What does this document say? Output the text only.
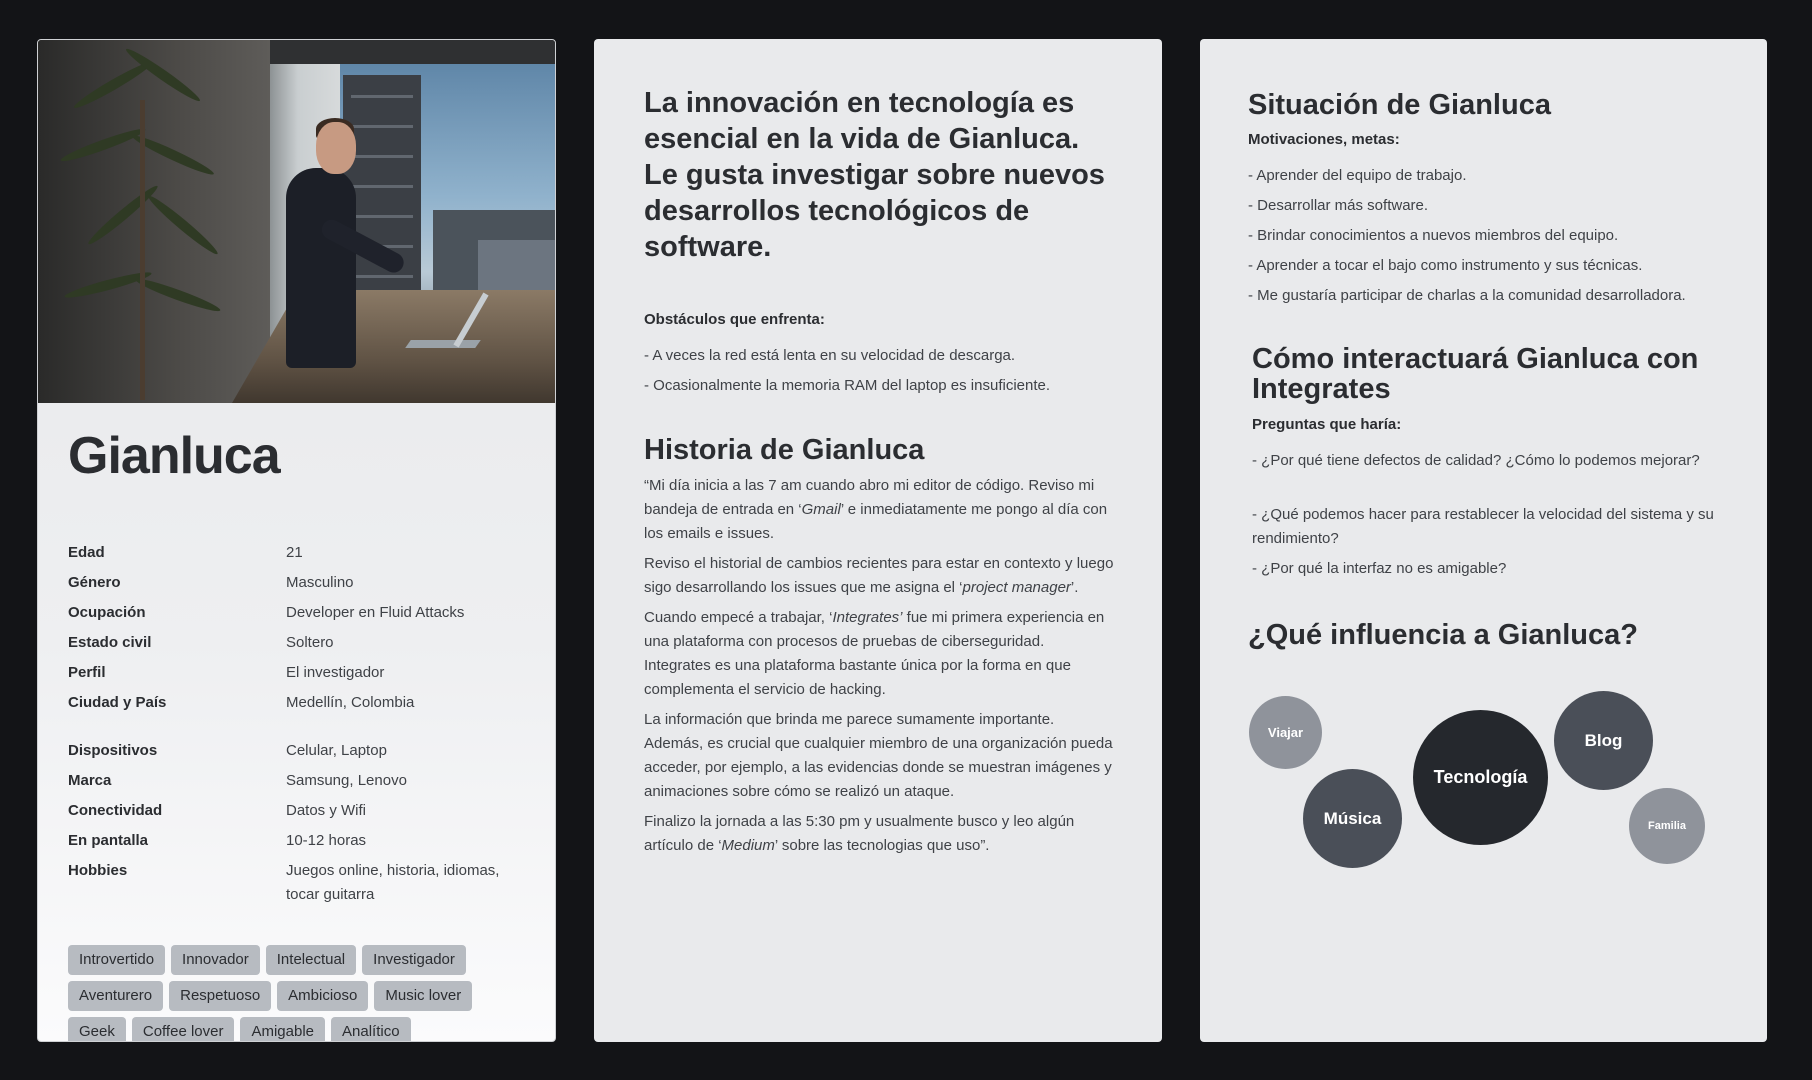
Gianluca
Edad	21
Género	Masculino
Ocupación	Developer en Fluid Attacks
Estado civil	Soltero
Perfil	El investigador
Ciudad y País	Medellín, Colombia
Dispositivos	Celular, Laptop
Marca	Samsung, Lenovo
Conectividad	Datos y Wifi
En pantalla	10-12 horas
Hobbies	Juegos online, historia, idiomas, tocar guitarra
Introvertido	Innovador	Intelectual	Investigador
Aventurero	Respetuoso	Ambicioso	Music lover
Geek	Coffee lover	Amigable	Analítico
La innovación en tecnología es esencial en la vida de Gianluca. Le gusta investigar sobre nuevos desarrollos tecnológicos de software.
Obstáculos que enfrenta:
- A veces la red está lenta en su velocidad de descarga.
- Ocasionalmente la memoria RAM del laptop es insuficiente.
Historia de Gianluca

“Mi día inicia a las 7 am cuando abro mi editor de código. Reviso mi bandeja de entrada en ‘Gmail’ e inmediatamente me pongo al día con los emails e issues.

Reviso el historial de cambios recientes para estar en contexto y luego sigo desarrollando los issues que me asigna el ‘project manager’.

Cuando empecé a trabajar, ‘Integrates’ fue mi primera experiencia en una plataforma con procesos de pruebas de ciberseguridad. Integrates es una plataforma bastante única por la forma en que complementa el servicio de hacking.

La información que brinda me parece sumamente importante. Además, es crucial que cualquier miembro de una organización pueda acceder, por ejemplo, a las evidencias donde se muestran imágenes y animaciones sobre cómo se realizó un ataque.

Finalizo la jornada a las 5:30 pm y usualmente busco y leo algún artículo de ‘Medium’ sobre las tecnologias que uso”.

Situación de Gianluca
Motivaciones, metas:
- Aprender del equipo de trabajo.
- Desarrollar más software.
- Brindar conocimientos a nuevos miembros del equipo.
- Aprender a tocar el bajo como instrumento y sus técnicas.
- Me gustaría participar de charlas a la comunidad desarrolladora.
Cómo interactuará Gianluca con Integrates
Preguntas que haría:
- ¿Por qué tiene defectos de calidad? ¿Cómo lo podemos mejorar?
- ¿Qué podemos hacer para restablecer la velocidad del sistema y su rendimiento?
- ¿Por qué la interfaz no es amigable?
¿Qué influencia a Gianluca?
Viajar
Música
Tecnología
Blog
Familia
